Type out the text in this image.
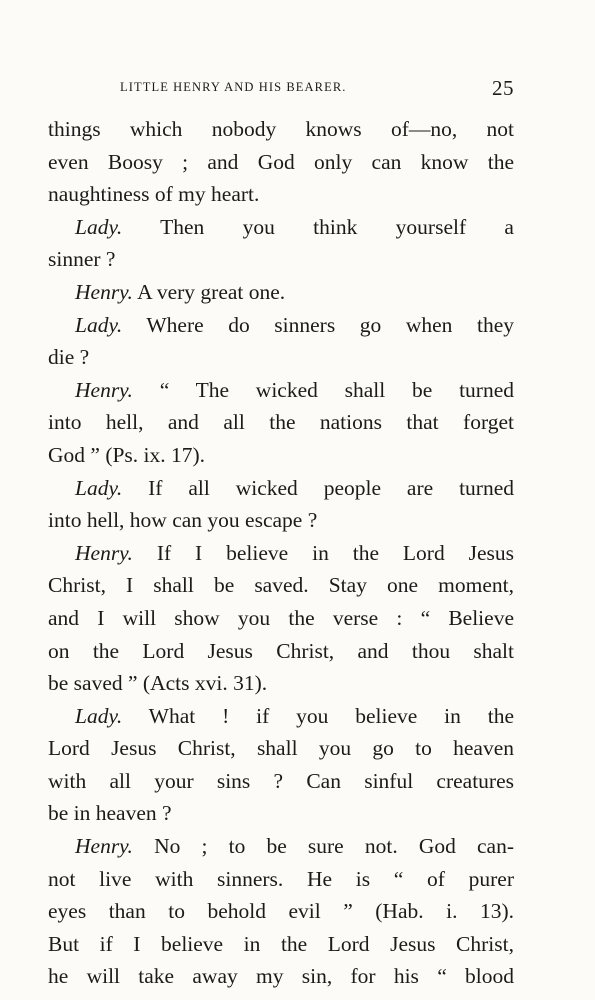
LITTLE HENRY AND HIS BEARER.	25
things which nobody knows of—no, not
even Boosy ; and God only can know the
naughtiness of my heart.
Lady. Then you think yourself a
sinner ?
Henry. A very great one.
Lady. Where do sinners go when they
die ?
Henry. “ The wicked shall be turned
into hell, and all the nations that forget
God ” (Ps. ix. 17).
Lady. If all wicked people are turned
into hell, how can you escape ?
Henry. If I believe in the Lord Jesus
Christ, I shall be saved. Stay one moment,
and I will show you the verse : “ Believe
on the Lord Jesus Christ, and thou shalt
be saved ” (Acts xvi. 31).
Lady. What ! if you believe in the
Lord Jesus Christ, shall you go to heaven
with all your sins ? Can sinful creatures
be in heaven ?
Henry. No ; to be sure not. God can-
not live with sinners. He is “ of purer
eyes than to behold evil ” (Hab. i. 13).
But if I believe in the Lord Jesus Christ,
he will take away my sin, for his “ blood
